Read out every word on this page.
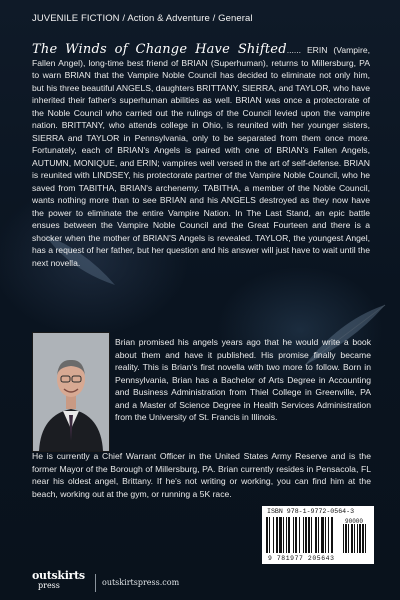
JUVENILE FICTION / Action & Adventure / General

The Winds of Change Have Shifted...... ERIN (Vampire, Fallen Angel), long-time best friend of BRIAN (Superhuman), returns to Millersburg, PA to warn BRIAN that the Vampire Noble Council has decided to eliminate not only him, but his three beautiful ANGELS, daughters BRITTANY, SIERRA, and TAYLOR, who have inherited their father's superhuman abilities as well. BRIAN was once a protectorate of the Noble Council who carried out the rulings of the Council levied upon the vampire nation. BRITTANY, who attends college in Ohio, is reunited with her younger sisters, SIERRA and TAYLOR in Pennsylvania, only to be separated from them once more. Fortunately, each of BRIAN's Angels is paired with one of BRIAN's Fallen Angels, AUTUMN, MONIQUE, and ERIN; vampires well versed in the art of self-defense. BRIAN is reunited with LINDSEY, his protectorate partner of the Vampire Noble Council, who he saved from TABITHA, BRIAN's archenemy. TABITHA, a member of the Noble Council, wants nothing more than to see BRIAN and his ANGELS destroyed as they now have the power to eliminate the entire Vampire Nation. In The Last Stand, an epic battle ensues between the Vampire Noble Council and the Great Fourteen and there is a shocker when the mother of BRIAN'S Angels is revealed. TAYLOR, the youngest Angel, has a request of her father, but her question and his answer will just have to wait until the next novella.

Brian promised his angels years ago that he would write a book about them and have it published. His promise finally became reality. This is Brian's first novella with two more to follow. Born in Pennsylvania, Brian has a Bachelor of Arts Degree in Accounting and Business Administration from Thiel College in Greenville, PA and a Master of Science Degree in Health Services Administration from the University of St. Francis in Illinois.

He is currently a Chief Warrant Officer in the United States Army Reserve and is the former Mayor of the Borough of Millersburg, PA. Brian currently resides in Pensacola, FL near his oldest angel, Brittany. If he's not writing or working, you can find him at the beach, working out at the gym, or running a 5K race.

ISBN 978-1-9772-0564-3
90000
9 781977 205643
outskirts
press	outskirtspress.com
